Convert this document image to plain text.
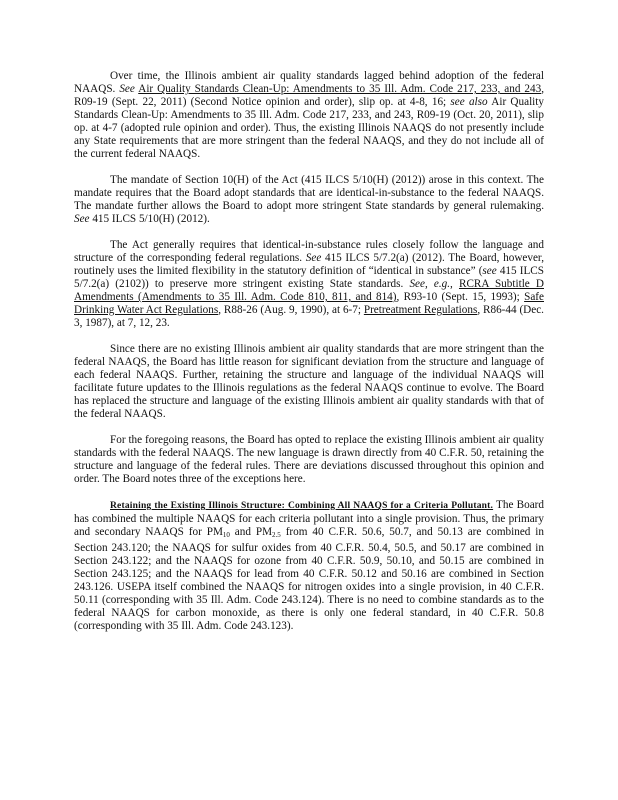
Over time, the Illinois ambient air quality standards lagged behind adoption of the federal NAAQS. See Air Quality Standards Clean-Up: Amendments to 35 Ill. Adm. Code 217, 233, and 243, R09-19 (Sept. 22, 2011) (Second Notice opinion and order), slip op. at 4-8, 16; see also Air Quality Standards Clean-Up: Amendments to 35 Ill. Adm. Code 217, 233, and 243, R09-19 (Oct. 20, 2011), slip op. at 4-7 (adopted rule opinion and order). Thus, the existing Illinois NAAQS do not presently include any State requirements that are more stringent than the federal NAAQS, and they do not include all of the current federal NAAQS.

The mandate of Section 10(H) of the Act (415 ILCS 5/10(H) (2012)) arose in this context. The mandate requires that the Board adopt standards that are identical-in-substance to the federal NAAQS. The mandate further allows the Board to adopt more stringent State standards by general rulemaking. See 415 ILCS 5/10(H) (2012).

The Act generally requires that identical-in-substance rules closely follow the language and structure of the corresponding federal regulations. See 415 ILCS 5/7.2(a) (2012). The Board, however, routinely uses the limited flexibility in the statutory definition of “identical in substance” (see 415 ILCS 5/7.2(a) (2102)) to preserve more stringent existing State standards. See, e.g., RCRA Subtitle D Amendments (Amendments to 35 Ill. Adm. Code 810, 811, and 814), R93-10 (Sept. 15, 1993); Safe Drinking Water Act Regulations, R88-26 (Aug. 9, 1990), at 6-7; Pretreatment Regulations, R86-44 (Dec. 3, 1987), at 7, 12, 23.

Since there are no existing Illinois ambient air quality standards that are more stringent than the federal NAAQS, the Board has little reason for significant deviation from the structure and language of each federal NAAQS. Further, retaining the structure and language of the individual NAAQS will facilitate future updates to the Illinois regulations as the federal NAAQS continue to evolve. The Board has replaced the structure and language of the existing Illinois ambient air quality standards with that of the federal NAAQS.

For the foregoing reasons, the Board has opted to replace the existing Illinois ambient air quality standards with the federal NAAQS. The new language is drawn directly from 40 C.F.R. 50, retaining the structure and language of the federal rules. There are deviations discussed throughout this opinion and order. The Board notes three of the exceptions here.

Retaining the Existing Illinois Structure: Combining All NAAQS for a Criteria Pollutant. The Board has combined the multiple NAAQS for each criteria pollutant into a single provision. Thus, the primary and secondary NAAQS for $PM_{10}$ and $PM_{2.5}$ from 40 C.F.R. 50.6, 50.7, and 50.13 are combined in Section 243.120; the NAAQS for sulfur oxides from 40 C.F.R. 50.4, 50.5, and 50.17 are combined in Section 243.122; and the NAAQS for ozone from 40 C.F.R. 50.9, 50.10, and 50.15 are combined in Section 243.125; and the NAAQS for lead from 40 C.F.R. 50.12 and 50.16 are combined in Section 243.126. USEPA itself combined the NAAQS for nitrogen oxides into a single provision, in 40 C.F.R. 50.11 (corresponding with 35 Ill. Adm. Code 243.124). There is no need to combine standards as to the federal NAAQS for carbon monoxide, as there is only one federal standard, in 40 C.F.R. 50.8 (corresponding with 35 Ill. Adm. Code 243.123).
